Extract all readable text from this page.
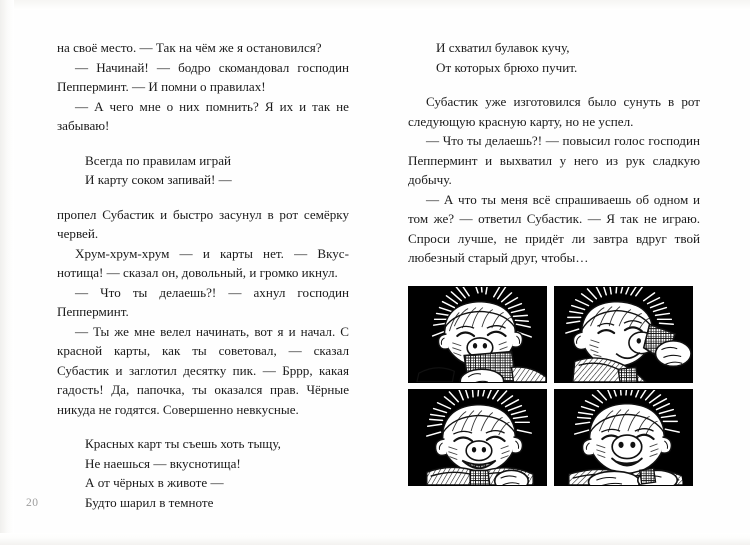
на своё место. — Так на чём же я остановился?

— Начинай! — бодро скомандовал господин Пепперминт. — И помни о правилах!

— А чего мне о них помнить? Я их и так не забываю!

Всегда по правилам играй
И карту соком запивай! —

пропел Субастик и быстро засунул в рот семёрку червей.

Хрум-хрум-хрум — и карты нет. — Вкуснотища! — сказал он, довольный, и громко икнул.

— Что ты делаешь?! — ахнул господин Пепперминт.

— Ты же мне велел начинать, вот я и начал. С красной карты, как ты советовал, — сказал Субастик и заглотил десятку пик. — Бррр, какая гадость! Да, папочка, ты оказался прав. Чёрные никуда не годятся. Совершенно невкусные.

Красных карт ты съешь хоть тыщу,
Не наешься — вкуснотища!
А от чёрных в животе —
Будто шарил в темноте
И схватил булавок кучу,
От которых брюхо пучит.

Субастик уже изготовился было сунуть в рот следующую красную карту, но не успел.

— Что ты делаешь?! — повысил голос господин Пепперминт и выхватил у него из рук сладкую добычу.

— А что ты меня всё спрашиваешь об одном и том же? — ответил Субастик. — Я так не играю. Спроси лучше, не придёт ли завтра вдруг твой любезный старый друг, чтобы…

20
